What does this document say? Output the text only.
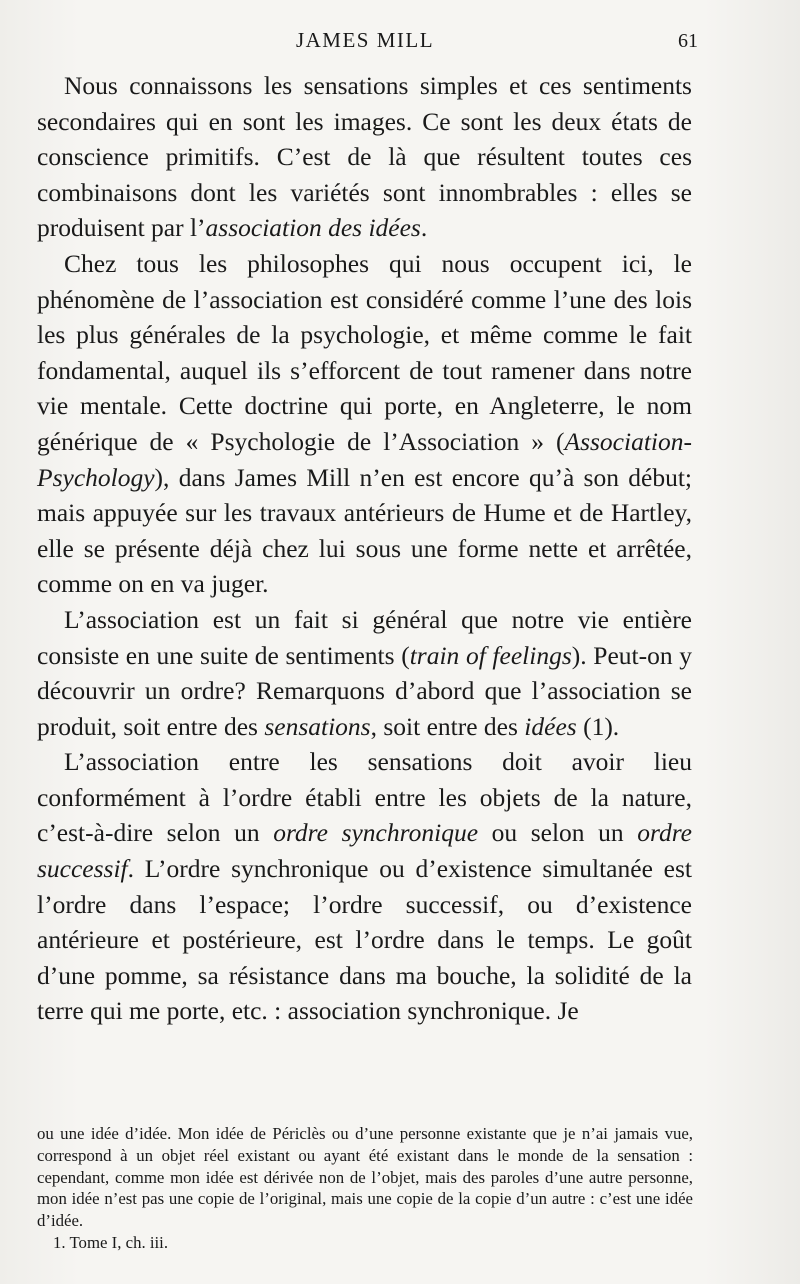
JAMES MILL	61

Nous connaissons les sensations simples et ces sentiments secondaires qui en sont les images. Ce sont les deux états de conscience primitifs. C’est de là que résultent toutes ces combinaisons dont les variétés sont innombrables : elles se produisent par l’association des idées.

Chez tous les philosophes qui nous occupent ici, le phénomène de l’association est considéré comme l’une des lois les plus générales de la psychologie, et même comme le fait fondamental, auquel ils s’efforcent de tout ramener dans notre vie mentale. Cette doctrine qui porte, en Angleterre, le nom générique de « Psychologie de l’Association » (Association-Psychology), dans James Mill n’en est encore qu’à son début; mais appuyée sur les travaux antérieurs de Hume et de Hartley, elle se présente déjà chez lui sous une forme nette et arrêtée, comme on en va juger.

L’association est un fait si général que notre vie entière consiste en une suite de sentiments (train of feelings). Peut-on y découvrir un ordre? Remarquons d’abord que l’association se produit, soit entre des sensations, soit entre des idées (1).

L’association entre les sensations doit avoir lieu conformément à l’ordre établi entre les objets de la nature, c’est-à-dire selon un ordre synchronique ou selon un ordre successif. L’ordre synchronique ou d’existence simultanée est l’ordre dans l’espace; l’ordre successif, ou d’existence antérieure et postérieure, est l’ordre dans le temps. Le goût d’une pomme, sa résistance dans ma bouche, la solidité de la terre qui me porte, etc. : association synchronique. Je

ou une idée d’idée. Mon idée de Périclès ou d’une personne existante que je n’ai jamais vue, correspond à un objet réel existant ou ayant été existant dans le monde de la sensation : cependant, comme mon idée est dérivée non de l’objet, mais des paroles d’une autre personne, mon idée n’est pas une copie de l’original, mais une copie de la copie d’un autre : c’est une idée d’idée.

1. Tome I, ch. iii.
